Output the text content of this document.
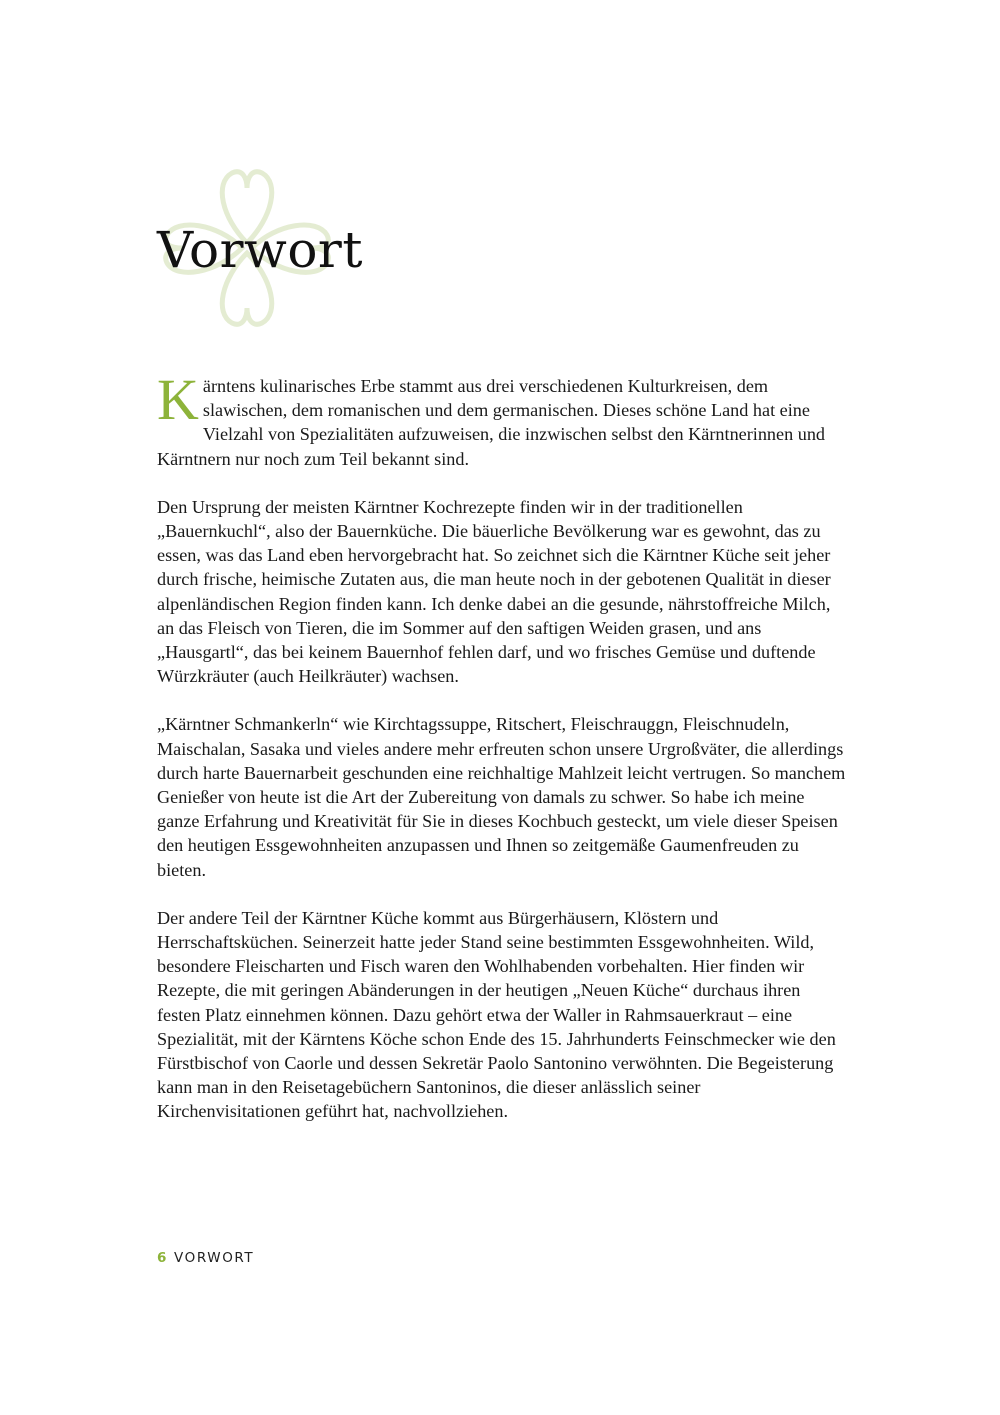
Vorwort

Kärntens kulinarisches Erbe stammt aus drei verschiedenen Kulturkreisen, dem slawischen, dem romanischen und dem germanischen. Dieses schöne Land hat eine Vielzahl von Spezialitäten aufzuweisen, die inzwischen selbst den Kärntnerinnen und Kärntnern nur noch zum Teil bekannt sind.

Den Ursprung der meisten Kärntner Kochrezepte finden wir in der traditionellen „Bauernkuchl“, also der Bauernküche. Die bäuerliche Bevölkerung war es gewohnt, das zu essen, was das Land eben hervorgebracht hat. So zeichnet sich die Kärntner Küche seit jeher durch frische, heimische Zutaten aus, die man heute noch in der gebotenen Qualität in dieser alpenländischen Region finden kann. Ich denke dabei an die gesunde, nährstoffreiche Milch, an das Fleisch von Tieren, die im Sommer auf den saftigen Weiden grasen, und ans „Hausgartl“, das bei keinem Bauernhof fehlen darf, und wo frisches Gemüse und duftende Würzkräuter (auch Heilkräuter) wachsen.

„Kärntner Schmankerln“ wie Kirchtagssuppe, Ritschert, Fleischrauggn, Fleischnudeln, Maischalan, Sasaka und vieles andere mehr erfreuten schon unsere Urgroßväter, die allerdings durch harte Bauernarbeit geschunden eine reichhaltige Mahlzeit leicht vertrugen. So manchem Genießer von heute ist die Art der Zubereitung von damals zu schwer. So habe ich meine ganze Erfahrung und Kreativität für Sie in dieses Kochbuch gesteckt, um viele dieser Speisen den heutigen Essgewohnheiten anzupassen und Ihnen so zeitgemäße Gaumenfreuden zu bieten.

Der andere Teil der Kärntner Küche kommt aus Bürgerhäusern, Klöstern und Herrschaftsküchen. Seinerzeit hatte jeder Stand seine bestimmten Essgewohnheiten. Wild, besondere Fleischarten und Fisch waren den Wohlhabenden vorbehalten. Hier finden wir Rezepte, die mit geringen Abänderungen in der heutigen „Neuen Küche“ durchaus ihren festen Platz einnehmen können. Dazu gehört etwa der Waller in Rahmsauerkraut – eine Spezialität, mit der Kärntens Köche schon Ende des 15. Jahrhunderts Feinschmecker wie den Fürstbischof von Caorle und dessen Sekretär Paolo Santonino verwöhnten. Die Begeisterung kann man in den Reisetagebüchern Santoninos, die dieser anlässlich seiner Kirchenvisitationen geführt hat, nachvollziehen.

6 VORWORT
